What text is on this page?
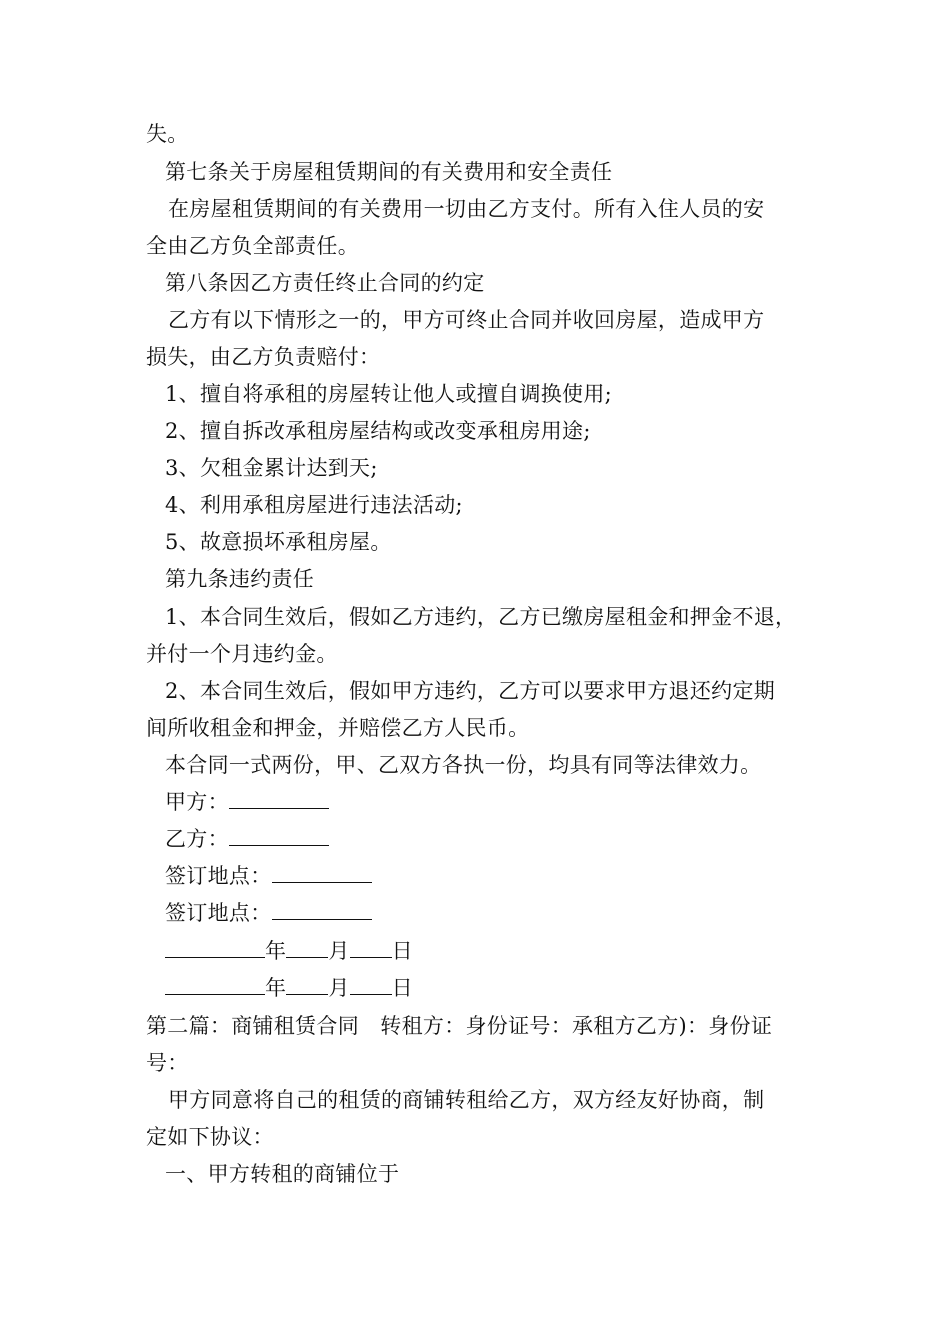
失。
第七条关于房屋租赁期间的有关费用和安全责任
在房屋租赁期间的有关费用一切由乙方支付。所有入住人员的安
全由乙方负全部责任。
第八条因乙方责任终止合同的约定
乙方有以下情形之一的，甲方可终止合同并收回房屋，造成甲方
损失，由乙方负责赔付：
1、擅自将承租的房屋转让他人或擅自调换使用;
2、擅自拆改承租房屋结构或改变承租房用途;
3、欠租金累计达到天;
4、利用承租房屋进行违法活动;
5、故意损坏承租房屋。
第九条违约责任
1、本合同生效后，假如乙方违约，乙方已缴房屋租金和押金不退，
并付一个月违约金。
2、本合同生效后，假如甲方违约，乙方可以要求甲方退还约定期
间所收租金和押金，并赔偿乙方人民币。
本合同一式两份，甲、乙双方各执一份，均具有同等法律效力。
甲方：
乙方：
签订地点：
签订地点：
年 月 日
年 月 日
第二篇：商铺租赁合同　转租方：身份证号：承租方乙方)：身份证
号：
甲方同意将自己的租赁的商铺转租给乙方，双方经友好协商，制
定如下协议：
一、甲方转租的商铺位于
